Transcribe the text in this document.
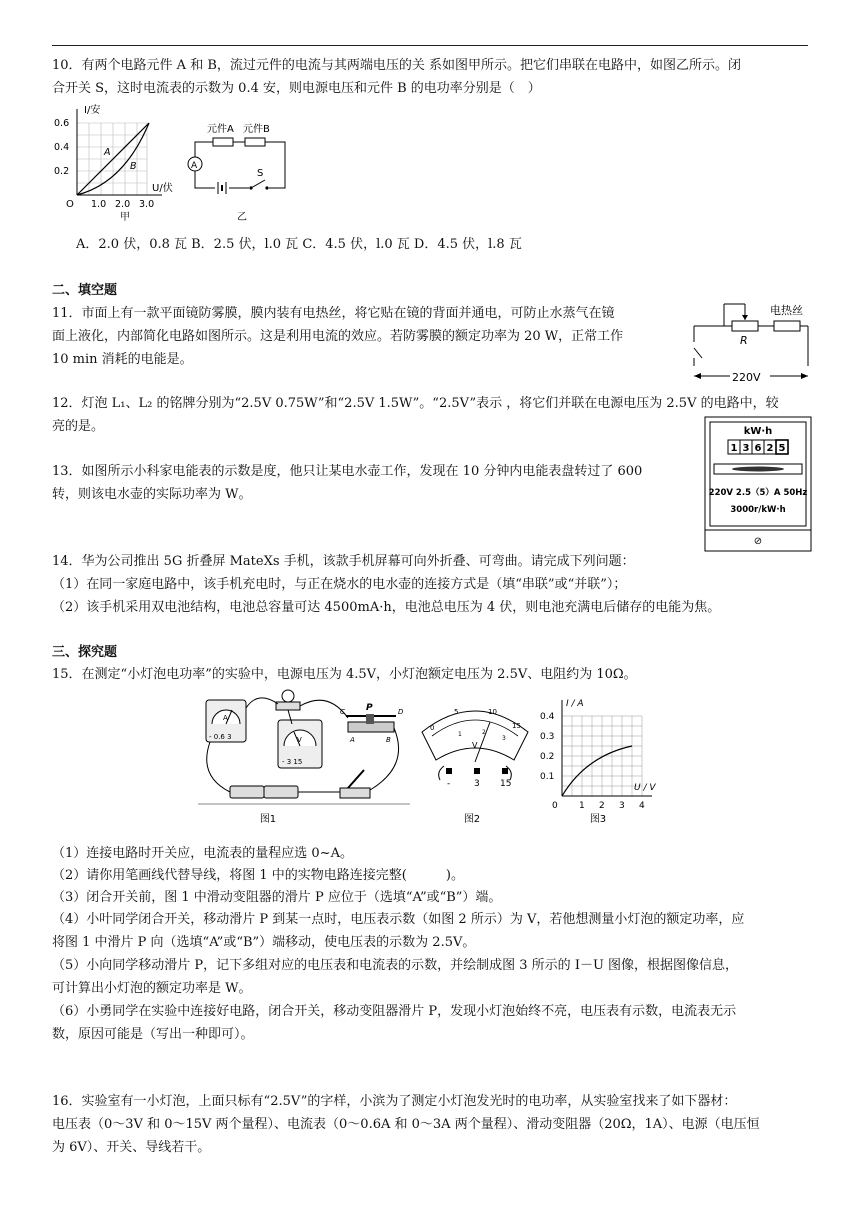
10．有两个电路元件 A 和 B，流过元件的电流与其两端电压的关 系如图甲所示。把它们串联在电路中，如图乙所示。闭

合开关 S，这时电流表的示数为 0.4 安，则电源电压和元件 B 的电功率分别是（　）

I/安
U/伏
O
0.6
0.4
0.2
1.0 2.0 3.0
A
B
甲
元件A 元件B
A
S
乙

A．2.0 伏，0.8 瓦 B．2.5 伏，l.0 瓦 C．4.5 伏，l.0 瓦 D．4.5 伏，l.8 瓦

二、填空题

11．市面上有一款平面镜防雾膜，膜内装有电热丝，将它贴在镜的背面并通电，可防止水蒸气在镜

面上液化，内部简化电路如图所示。这是利用电流的效应。若防雾膜的额定功率为 20 W，正常工作

10 min 消耗的电能是。

电热丝
R
220V

12．灯泡 L₁、L₂ 的铭牌分别为“2.5V 0.75W”和“2.5V 1.5W”。“2.5V”表示 ，将它们并联在电源电压为 2.5V 的电路中，较

亮的是。

13．如图所示小科家电能表的示数是度，他只让某电水壶工作，发现在 10 分钟内电能表盘转过了 600

转，则该电水壶的实际功率为 W。

kW·h
1 3 6 2 5
220V 2.5（5）A 50Hz
3000r/kW·h
⊘

14．华为公司推出 5G 折叠屏 MateXs 手机，该款手机屏幕可向外折叠、可弯曲。请完成下列问题：

（1）在同一家庭电路中，该手机充电时，与正在烧水的电水壶的连接方式是（填“串联”或“并联”）；

（2）该手机采用双电池结构，电池总容量可达 4500mA·h，电池总电压为 4 伏，则电池充满电后储存的电能为焦。

三、探究题

15．在测定“小灯泡电功率”的实验中，电源电压为 4.5V，小灯泡额定电压为 2.5V、电阻约为 10Ω。

A
- 0.6 3	V
- 3 15
P
C	D
A	B
图1
0
5	10
15
1	2
3
V
-	3 15
图2
I / A
U / V
0
0.4
0.3
0.2
0.1
1 2 3 4
图3

（1）连接电路时开关应，电流表的量程应选 0~A。

（2）请你用笔画线代替导线，将图 1 中的实物电路连接完整(　　　)。

（3）闭合开关前，图 1 中滑动变阻器的滑片 P 应位于（选填“A”或“B”）端。

（4）小叶同学闭合开关，移动滑片 P 到某一点时，电压表示数（如图 2 所示）为 V，若他想测量小灯泡的额定功率，应

将图 1 中滑片 P 向（选填“A”或“B”）端移动，使电压表的示数为 2.5V。

（5）小向同学移动滑片 P，记下多组对应的电压表和电流表的示数，并绘制成图 3 所示的 I－U 图像，根据图像信息，

可计算出小灯泡的额定功率是 W。

（6）小勇同学在实验中连接好电路，闭合开关，移动变阻器滑片 P，发现小灯泡始终不亮，电压表有示数，电流表无示

数，原因可能是（写出一种即可）。

16．实验室有一小灯泡，上面只标有“2.5V”的字样，小滨为了测定小灯泡发光时的电功率，从实验室找来了如下器材：

电压表（0～3V 和 0～15V 两个量程）、电流表（0～0.6A 和 0～3A 两个量程）、滑动变阻器（20Ω，1A）、电源（电压恒

为 6V）、开关、导线若干。
